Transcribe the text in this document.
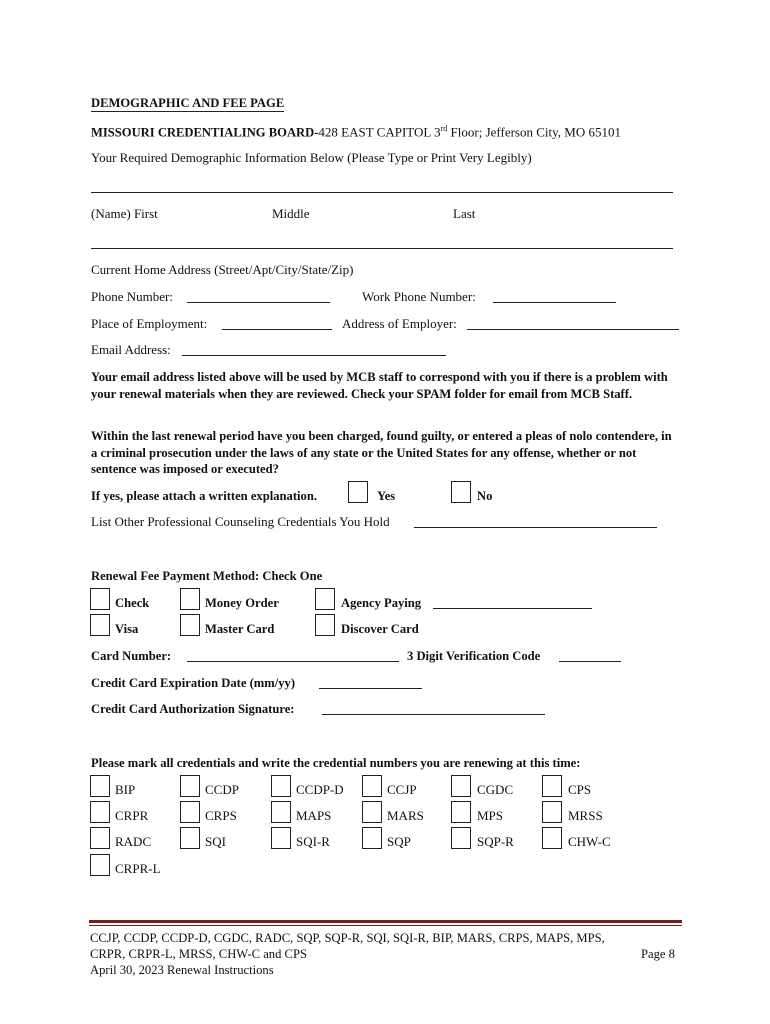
DEMOGRAPHIC AND FEE PAGE
MISSOURI CREDENTIALING BOARD-428 EAST CAPITOL 3rd Floor; Jefferson City, MO 65101
Your Required Demographic Information Below (Please Type or Print Very Legibly)
(Name) First	Middle	Last
Current Home Address (Street/Apt/City/State/Zip)
Phone Number:	Work Phone Number:
Place of Employment:	Address of Employer:
Email Address:
Your email address listed above will be used by MCB staff to correspond with you if there is a problem with your renewal materials when they are reviewed. Check your SPAM folder for email from MCB Staff.
Within the last renewal period have you been charged, found guilty, or entered a pleas of nolo contendere, in a criminal prosecution under the laws of any state or the United States for any offense, whether or not sentence was imposed or executed?
If yes, please attach a written explanation.	Yes	No
List Other Professional Counseling Credentials You Hold
Renewal Fee Payment Method: Check One
Check	Money Order	Agency Paying
Visa	Master Card	Discover Card
Card Number:	3 Digit Verification Code
Credit Card Expiration Date (mm/yy)
Credit Card Authorization Signature:
Please mark all credentials and write the credential numbers you are renewing at this time:
BIP	CCDP	CCDP-D	CCJP	CGDC	CPS
CRPR	CRPS	MAPS	MARS	MPS	MRSS
RADC	SQI	SQI-R	SQP	SQP-R	CHW-C
CRPR-L
CCJP, CCDP, CCDP-D, CGDC, RADC, SQP, SQP-R, SQI, SQI-R, BIP, MARS, CRPS, MAPS, MPS,
CRPR, CRPR-L, MRSS, CHW-C and CPS	Page 8
April 30, 2023 Renewal Instructions
